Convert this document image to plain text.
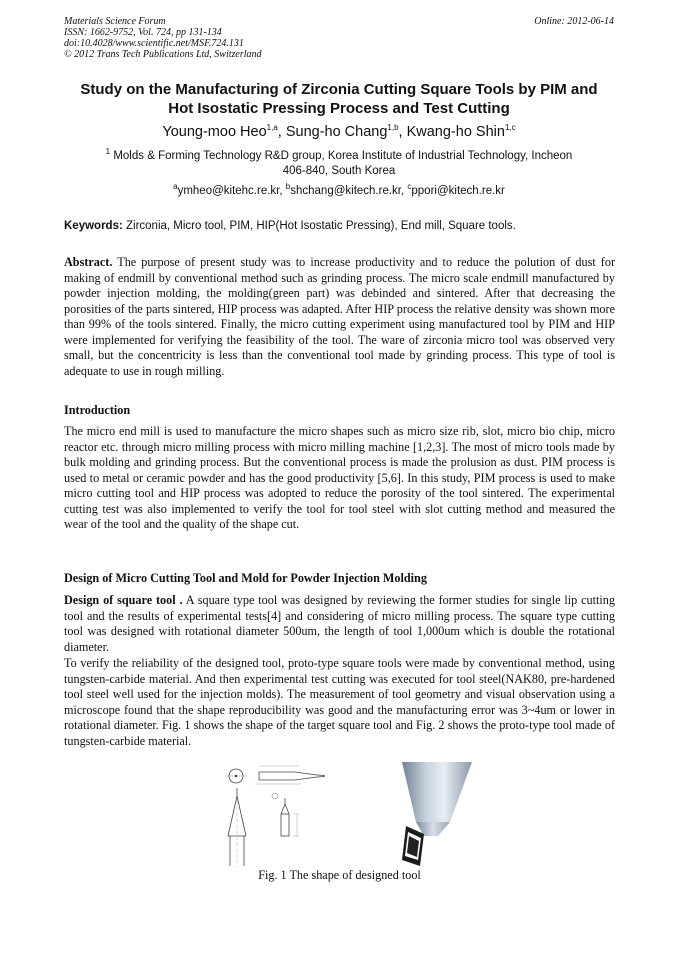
Materials Science Forum
ISSN: 1662-9752, Vol. 724, pp 131-134
doi:10.4028/www.scientific.net/MSF.724.131
© 2012 Trans Tech Publications Ltd, Switzerland
Online: 2012-06-14
Study on the Manufacturing of Zirconia Cutting Square Tools by PIM and
Hot Isostatic Pressing Process and Test Cutting
Young-moo Heo$^{1,a}$, Sung-ho Chang$^{1,b}$, Kwang-ho Shin$^{1,c}$
$^1$ Molds & Forming Technology R&D group, Korea Institute of Industrial Technology, Incheon
406-840, South Korea
$^a$ymheo@kitehc.re.kr, $^b$shchang@kitech.re.kr, $^c$ppori@kitech.re.kr
Keywords: Zirconia, Micro tool, PIM, HIP(Hot Isostatic Pressing), End mill, Square tools.
Abstract. The purpose of present study was to increase productivity and to reduce the polution of dust for making of endmill by conventional method such as grinding process. The micro scale endmill manufactured by powder injection molding, the molding(green part) was debinded and sintered. After that decreasing the porosities of the parts sintered, HIP process was adapted. After HIP process the relative density was shown more than 99% of the tools sintered. Finally, the micro cutting experiment using manufactured tool by PIM and HIP were implemented for verifying the feasibility of the tool. The ware of zirconia micro tool was observed very small, but the concentricity is less than the conventional tool made by grinding process. This type of tool is adequate to use in rough milling.
Introduction
The micro end mill is used to manufacture the micro shapes such as micro size rib, slot, micro bio chip, micro reactor etc. through micro milling process with micro milling machine [1,2,3]. The most of micro tools made by bulk molding and grinding process. But the conventional process is made the prolusion as dust. PIM process is used to metal or ceramic powder and has the good productivity [5,6]. In this study, PIM process is used to make micro cutting tool and HIP process was adopted to reduce the porosity of the tool sintered. The experimental cutting test was also implemented to verify the tool for tool steel with slot cutting method and measured the wear of the tool and the quality of the shape cut.
Design of Micro Cutting Tool and Mold for Powder Injection Molding
Design of square tool . A square type tool was designed by reviewing the former studies for single lip cutting tool and the results of experimental tests[4] and considering of micro milling process. The square type cutting tool was designed with rotational diameter 500um, the length of tool 1,000um which is double the rotational diameter.
To verify the reliability of the designed tool, proto-type square tools were made by conventional method, using tungsten-carbide material. And then experimental test cutting was executed for tool steel(NAK80, pre-hardened tool steel well used for the injection molds). The measurement of tool geometry and visual observation using a microscope found that the shape reproducibility was good and the manufacturing error was 3~4um or lower in rotational diameter. Fig. 1 shows the shape of the target square tool and Fig. 2 shows the proto-type tool made of tungsten-carbide material.
Fig. 1 The shape of designed tool
